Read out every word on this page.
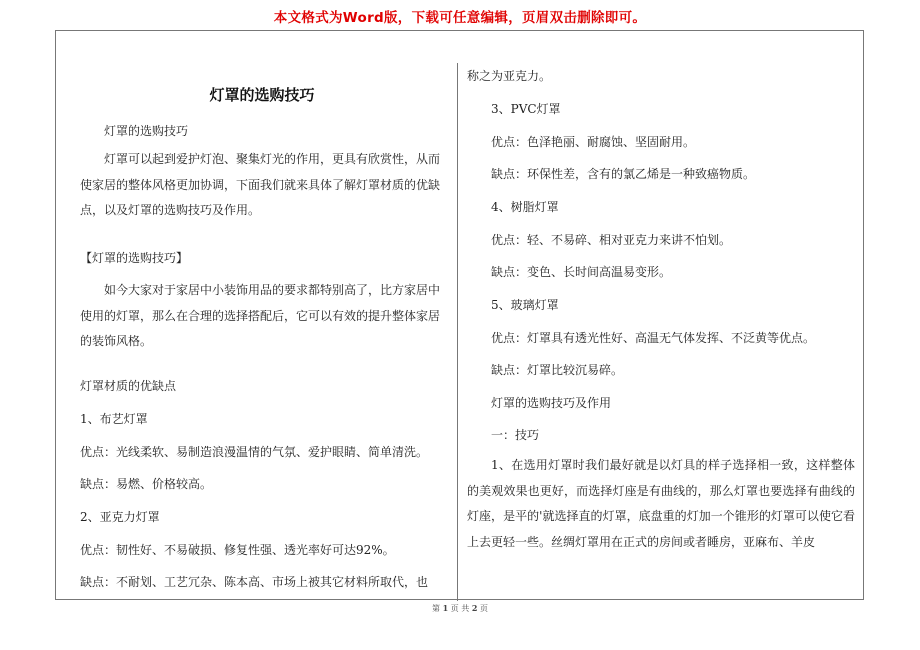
本文格式为Word版，下载可任意编辑，页眉双击删除即可。

灯罩的选购技巧

灯罩的选购技巧

灯罩可以起到爱护灯泡、聚集灯光的作用，更具有欣赏性，从而使家居的整体风格更加协调，下面我们就来具体了解灯罩材质的优缺点，以及灯罩的选购技巧及作用。

【灯罩的选购技巧】

如今大家对于家居中小装饰用品的要求都特别高了，比方家居中使用的灯罩，那么在合理的选择搭配后，它可以有效的提升整体家居的装饰风格。

灯罩材质的优缺点

1、布艺灯罩

优点：光线柔软、易制造浪漫温情的气氛、爱护眼睛、简单清洗。

缺点：易燃、价格较高。

2、亚克力灯罩

优点：韧性好、不易破损、修复性强、透光率好可达92%。

缺点：不耐划、工艺冗杂、陈本高、市场上被其它材料所取代，也

称之为亚克力。

3、PVC灯罩

优点：色泽艳丽、耐腐蚀、坚固耐用。

缺点：环保性差，含有的氯乙烯是一种致癌物质。

4、树脂灯罩

优点：轻、不易碎、相对亚克力来讲不怕划。

缺点：变色、长时间高温易变形。

5、玻璃灯罩

优点：灯罩具有透光性好、高温无气体发挥、不泛黄等优点。

缺点：灯罩比较沉易碎。

灯罩的选购技巧及作用

一：技巧

1、在选用灯罩时我们最好就是以灯具的样子选择相一致，这样整体的美观效果也更好，而选择灯座是有曲线的，那么灯罩也要选择有曲线的灯座，是平的'就选择直的灯罩，底盘重的灯加一个锥形的灯罩可以使它看上去更轻一些。丝绸灯罩用在正式的房间或者睡房，亚麻布、羊皮

第 1 页 共 2 页
